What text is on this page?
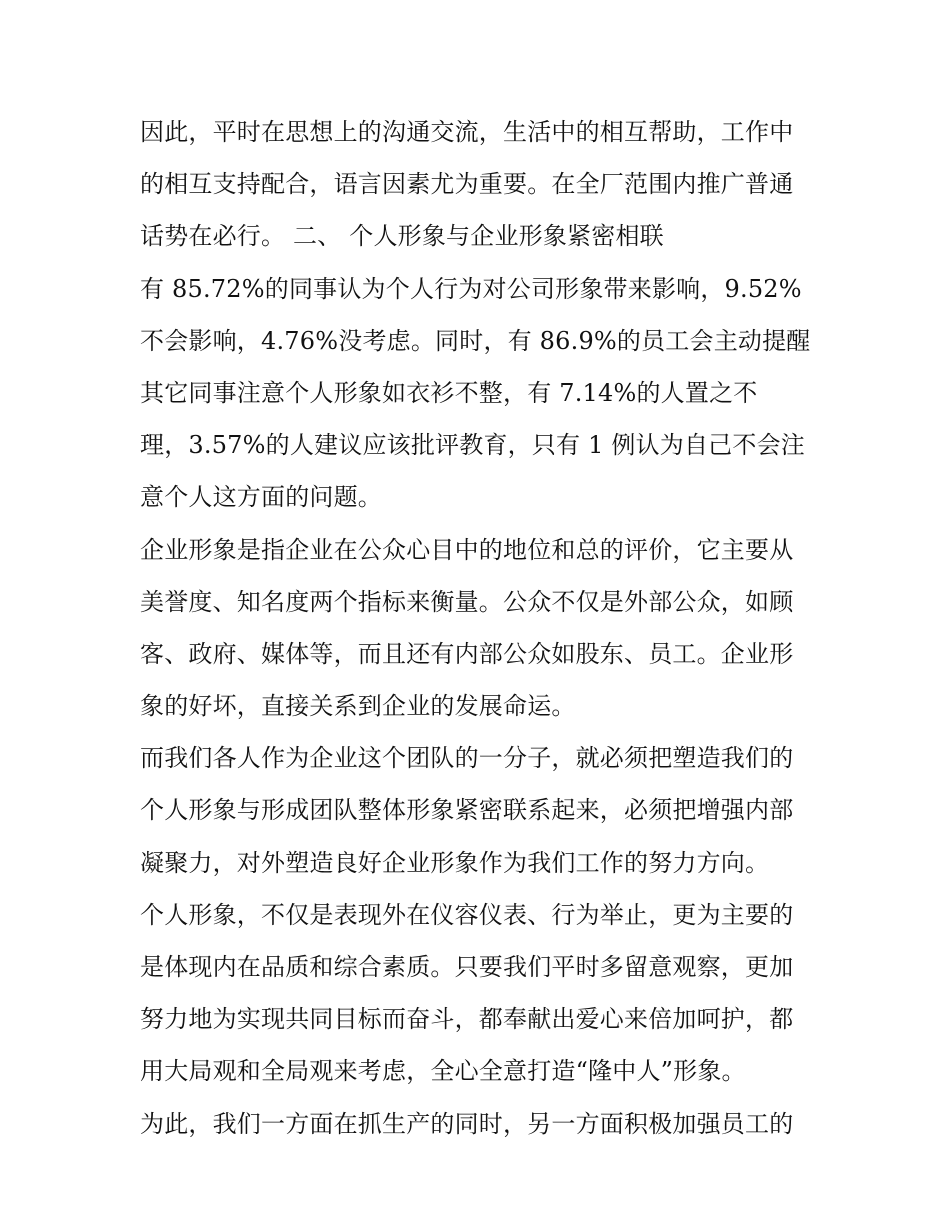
因此，平时在思想上的沟通交流，生活中的相互帮助，工作中
的相互支持配合，语言因素尤为重要。在全厂范围内推广普通
话势在必行。 二、 个人形象与企业形象紧密相联
有 85.72%的同事认为个人行为对公司形象带来影响，9.52%
不会影响，4.76%没考虑。同时，有 86.9%的员工会主动提醒
其它同事注意个人形象如衣衫不整，有 7.14%的人置之不
理，3.57%的人建议应该批评教育，只有 1 例认为自己不会注
意个人这方面的问题。
企业形象是指企业在公众心目中的地位和总的评价，它主要从
美誉度、知名度两个指标来衡量。公众不仅是外部公众，如顾
客、政府、媒体等，而且还有内部公众如股东、员工。企业形
象的好坏，直接关系到企业的发展命运。
而我们各人作为企业这个团队的一分子，就必须把塑造我们的
个人形象与形成团队整体形象紧密联系起来，必须把增强内部
凝聚力，对外塑造良好企业形象作为我们工作的努力方向。
个人形象，不仅是表现外在仪容仪表、行为举止，更为主要的
是体现内在品质和综合素质。只要我们平时多留意观察，更加
努力地为实现共同目标而奋斗，都奉献出爱心来倍加呵护，都
用大局观和全局观来考虑，全心全意打造“隆中人”形象。
为此，我们一方面在抓生产的同时，另一方面积极加强员工的
